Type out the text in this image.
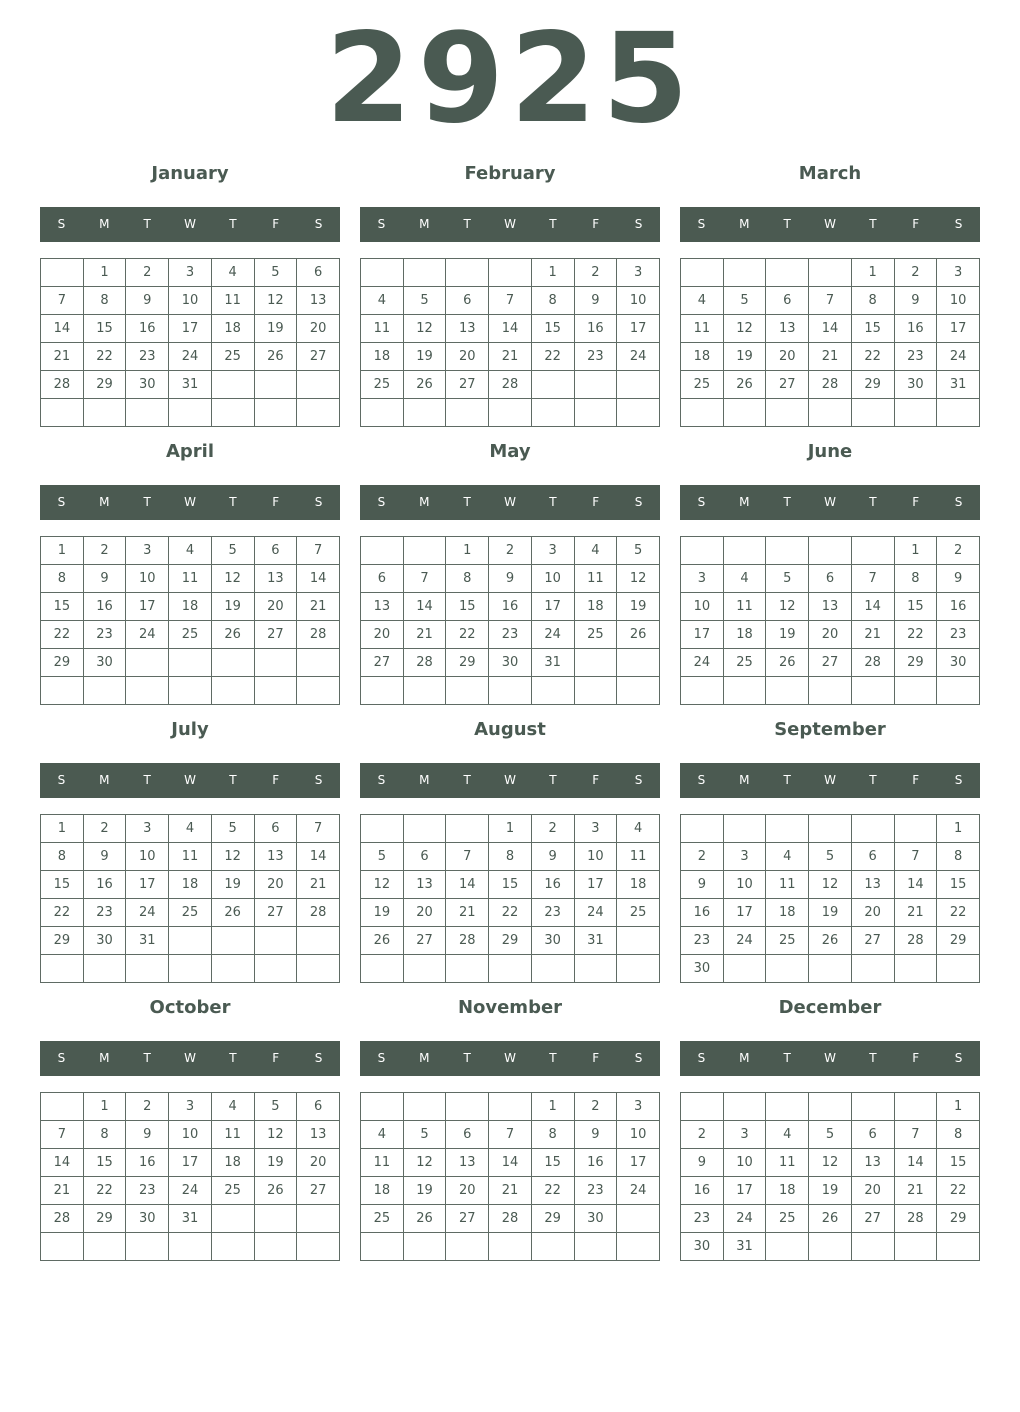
2925
January
S	M	T	W	T	F	S
	1	2	3	4	5	6
7	8	9	10	11	12	13
14	15	16	17	18	19	20
21	22	23	24	25	26	27
28	29	30	31			

February
S	M	T	W	T	F	S
				1	2	3
4	5	6	7	8	9	10
11	12	13	14	15	16	17
18	19	20	21	22	23	24
25	26	27	28			

March
S	M	T	W	T	F	S
				1	2	3
4	5	6	7	8	9	10
11	12	13	14	15	16	17
18	19	20	21	22	23	24
25	26	27	28	29	30	31

April
S	M	T	W	T	F	S
1	2	3	4	5	6	7
8	9	10	11	12	13	14
15	16	17	18	19	20	21
22	23	24	25	26	27	28
29	30					

May
S	M	T	W	T	F	S
		1	2	3	4	5
6	7	8	9	10	11	12
13	14	15	16	17	18	19
20	21	22	23	24	25	26
27	28	29	30	31		

June
S	M	T	W	T	F	S
					1	2
3	4	5	6	7	8	9
10	11	12	13	14	15	16
17	18	19	20	21	22	23
24	25	26	27	28	29	30

July
S	M	T	W	T	F	S
1	2	3	4	5	6	7
8	9	10	11	12	13	14
15	16	17	18	19	20	21
22	23	24	25	26	27	28
29	30	31				

August
S	M	T	W	T	F	S
			1	2	3	4
5	6	7	8	9	10	11
12	13	14	15	16	17	18
19	20	21	22	23	24	25
26	27	28	29	30	31	

September
S	M	T	W	T	F	S
						1
2	3	4	5	6	7	8
9	10	11	12	13	14	15
16	17	18	19	20	21	22
23	24	25	26	27	28	29
30						
October
S	M	T	W	T	F	S
	1	2	3	4	5	6
7	8	9	10	11	12	13
14	15	16	17	18	19	20
21	22	23	24	25	26	27
28	29	30	31			

November
S	M	T	W	T	F	S
				1	2	3
4	5	6	7	8	9	10
11	12	13	14	15	16	17
18	19	20	21	22	23	24
25	26	27	28	29	30	

December
S	M	T	W	T	F	S
						1
2	3	4	5	6	7	8
9	10	11	12	13	14	15
16	17	18	19	20	21	22
23	24	25	26	27	28	29
30	31					
